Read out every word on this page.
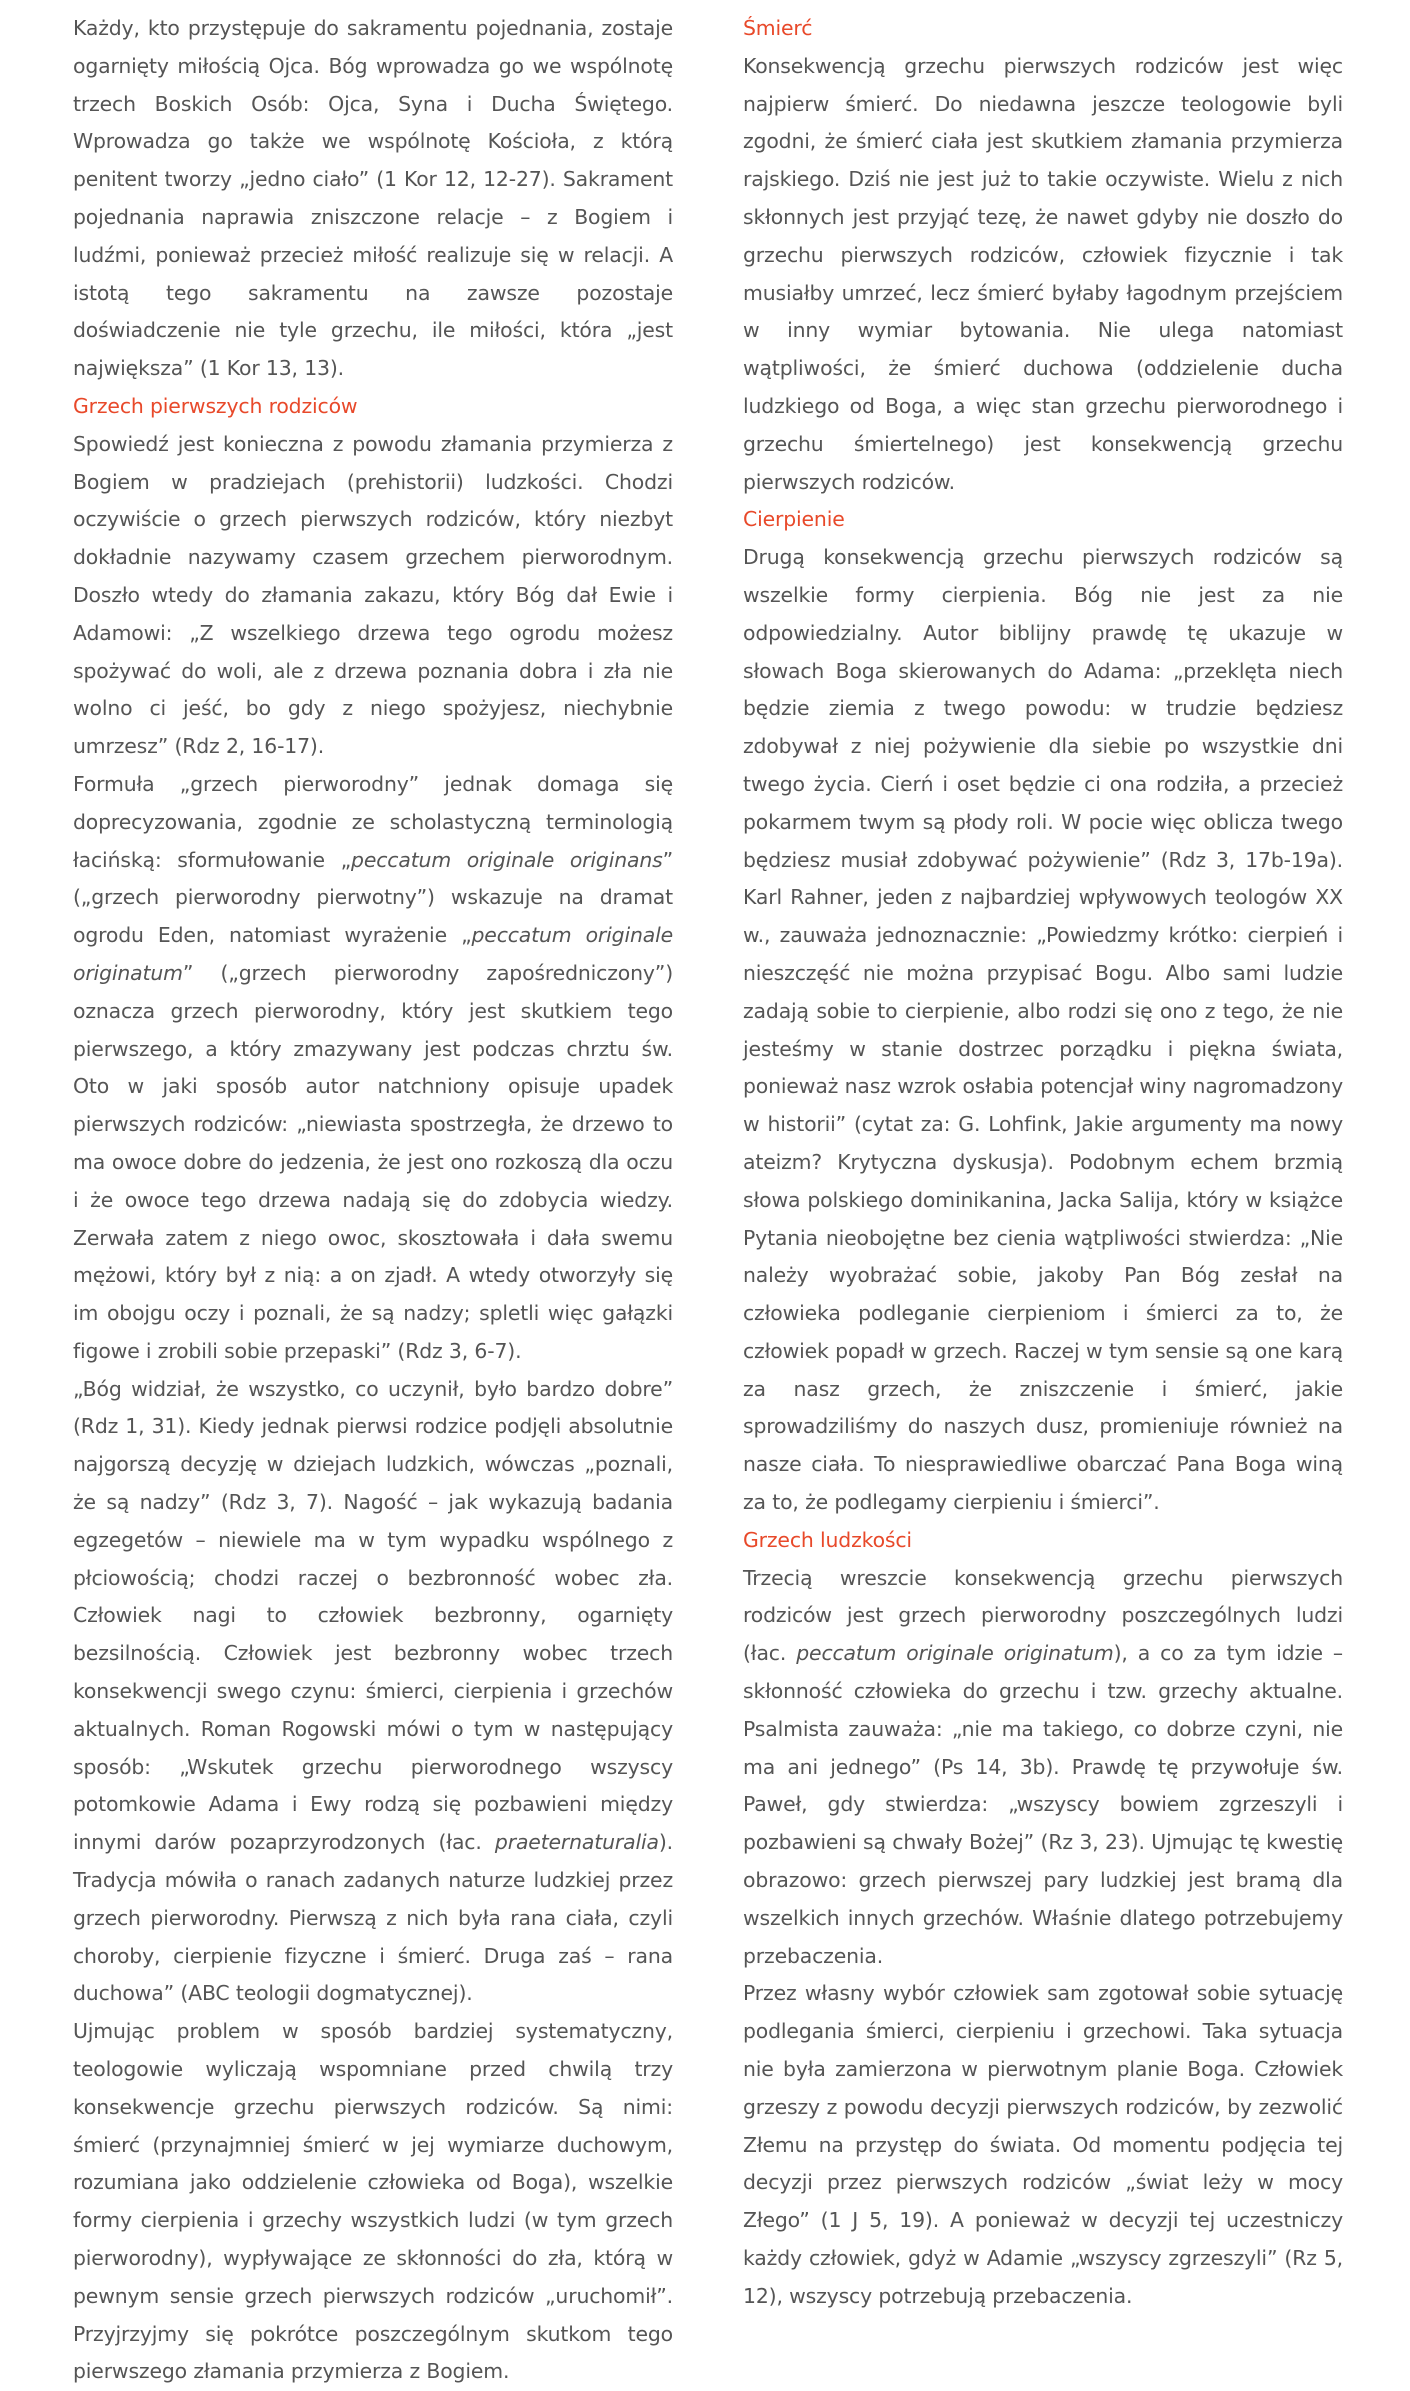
Każdy, kto przystępuje do sakramentu pojednania, zostaje ogarnięty miłością Ojca. Bóg wprowadza go we wspólnotę trzech Boskich Osób: Ojca, Syna i Ducha Świętego. Wprowadza go także we wspólnotę Kościoła, z którą penitent tworzy „jedno ciało” (1 Kor 12, 12-27). Sakrament pojednania naprawia zniszczone relacje – z Bogiem i ludźmi, ponieważ przecież miłość realizuje się w relacji. A istotą tego sakramentu na zawsze pozostaje doświadczenie nie tyle grzechu, ile miłości, która „jest największa” (1 Kor 13, 13).

Grzech pierwszych rodziców

Spowiedź jest konieczna z powodu złamania przymierza z Bogiem w pradziejach (prehistorii) ludzkości. Chodzi oczywiście o grzech pierwszych rodziców, który niezbyt dokładnie nazywamy czasem grzechem pierworodnym. Doszło wtedy do złamania zakazu, który Bóg dał Ewie i Adamowi: „Z wszelkiego drzewa tego ogrodu możesz spożywać do woli, ale z drzewa poznania dobra i zła nie wolno ci jeść, bo gdy z niego spożyjesz, niechybnie umrzesz” (Rdz 2, 16-17).

Formuła „grzech pierworodny” jednak domaga się doprecyzowania, zgodnie ze scholastyczną terminologią łacińską: sformułowanie „peccatum originale originans” („grzech pierworodny pierwotny”) wskazuje na dramat ogrodu Eden, natomiast wyrażenie „peccatum originale originatum” („grzech pierworodny zapośredniczony”) oznacza grzech pierworodny, który jest skutkiem tego pierwszego, a który zmazywany jest podczas chrztu św. Oto w jaki sposób autor natchniony opisuje upadek pierwszych rodziców: „niewiasta spostrzegła, że drzewo to ma owoce dobre do jedzenia, że jest ono rozkoszą dla oczu i że owoce tego drzewa nadają się do zdobycia wiedzy. Zerwała zatem z niego owoc, skosztowała i dała swemu mężowi, który był z nią: a on zjadł. A wtedy otworzyły się im obojgu oczy i poznali, że są nadzy; spletli więc gałązki figowe i zrobili sobie przepaski” (Rdz 3, 6-7).

„Bóg widział, że wszystko, co uczynił, było bardzo dobre” (Rdz 1, 31). Kiedy jednak pierwsi rodzice podjęli absolutnie najgorszą decyzję w dziejach ludzkich, wówczas „poznali, że są nadzy” (Rdz 3, 7). Nagość – jak wykazują badania egzegetów – niewiele ma w tym wypadku wspólnego z płciowością; chodzi raczej o bezbronność wobec zła. Człowiek nagi to człowiek bezbronny, ogarnięty bezsilnością. Człowiek jest bezbronny wobec trzech konsekwencji swego czynu: śmierci, cierpienia i grzechów aktualnych. Roman Rogowski mówi o tym w następujący sposób: „Wskutek grzechu pierworodnego wszyscy potomkowie Adama i Ewy rodzą się pozbawieni między innymi darów pozaprzyrodzonych (łac. praeternaturalia). Tradycja mówiła o ranach zadanych naturze ludzkiej przez grzech pierworodny. Pierwszą z nich była rana ciała, czyli choroby, cierpienie fizyczne i śmierć. Druga zaś – rana duchowa” (ABC teologii dogmatycznej).

Ujmując problem w sposób bardziej systematyczny, teologowie wyliczają wspomniane przed chwilą trzy konsekwencje grzechu pierwszych rodziców. Są nimi: śmierć (przynajmniej śmierć w jej wymiarze duchowym, rozumiana jako oddzielenie człowieka od Boga), wszelkie formy cierpienia i grzechy wszystkich ludzi (w tym grzech pierworodny), wypływające ze skłonności do zła, którą w pewnym sensie grzech pierwszych rodziców „uruchomił”. Przyjrzyjmy się pokrótce poszczególnym skutkom tego pierwszego złamania przymierza z Bogiem.

Śmierć

Konsekwencją grzechu pierwszych rodziców jest więc najpierw śmierć. Do niedawna jeszcze teologowie byli zgodni, że śmierć ciała jest skutkiem złamania przymierza rajskiego. Dziś nie jest już to takie oczywiste. Wielu z nich skłonnych jest przyjąć tezę, że nawet gdyby nie doszło do grzechu pierwszych rodziców, człowiek fizycznie i tak musiałby umrzeć, lecz śmierć byłaby łagodnym przejściem w inny wymiar bytowania. Nie ulega natomiast wątpliwości, że śmierć duchowa (oddzielenie ducha ludzkiego od Boga, a więc stan grzechu pierworodnego i grzechu śmiertelnego) jest konsekwencją grzechu pierwszych rodziców.

Cierpienie

Drugą konsekwencją grzechu pierwszych rodziców są wszelkie formy cierpienia. Bóg nie jest za nie odpowiedzialny. Autor biblijny prawdę tę ukazuje w słowach Boga skierowanych do Adama: „przeklęta niech będzie ziemia z twego powodu: w trudzie będziesz zdobywał z niej pożywienie dla siebie po wszystkie dni twego życia. Cierń i oset będzie ci ona rodziła, a przecież pokarmem twym są płody roli. W pocie więc oblicza twego będziesz musiał zdobywać pożywienie” (Rdz 3, 17b-19a). Karl Rahner, jeden z najbardziej wpływowych teologów XX w., zauważa jednoznacznie: „Powiedzmy krótko: cierpień i nieszczęść nie można przypisać Bogu. Albo sami ludzie zadają sobie to cierpienie, albo rodzi się ono z tego, że nie jesteśmy w stanie dostrzec porządku i piękna świata, ponieważ nasz wzrok osłabia potencjał winy nagromadzony w historii” (cytat za: G. Lohfink, Jakie argumenty ma nowy ateizm? Krytyczna dyskusja). Podobnym echem brzmią słowa polskiego dominikanina, Jacka Salija, który w książce Pytania nieobojętne bez cienia wątpliwości stwierdza: „Nie należy wyobrażać sobie, jakoby Pan Bóg zesłał na człowieka podleganie cierpieniom i śmierci za to, że człowiek popadł w grzech. Raczej w tym sensie są one karą za nasz grzech, że zniszczenie i śmierć, jakie sprowadziliśmy do naszych dusz, promieniuje również na nasze ciała. To niesprawiedliwe obarczać Pana Boga winą za to, że podlegamy cierpieniu i śmierci”.

Grzech ludzkości

Trzecią wreszcie konsekwencją grzechu pierwszych rodziców jest grzech pierworodny poszczególnych ludzi (łac. peccatum originale originatum), a co za tym idzie – skłonność człowieka do grzechu i tzw. grzechy aktualne. Psalmista zauważa: „nie ma takiego, co dobrze czyni, nie ma ani jednego” (Ps 14, 3b). Prawdę tę przywołuje św. Paweł, gdy stwierdza: „wszyscy bowiem zgrzeszyli i pozbawieni są chwały Bożej” (Rz 3, 23). Ujmując tę kwestię obrazowo: grzech pierwszej pary ludzkiej jest bramą dla wszelkich innych grzechów. Właśnie dlatego potrzebujemy przebaczenia.

Przez własny wybór człowiek sam zgotował sobie sytuację podlegania śmierci, cierpieniu i grzechowi. Taka sytuacja nie była zamierzona w pierwotnym planie Boga. Człowiek grzeszy z powodu decyzji pierwszych rodziców, by zezwolić Złemu na przystęp do świata. Od momentu podjęcia tej decyzji przez pierwszych rodziców „świat leży w mocy Złego” (1 J 5, 19). A ponieważ w decyzji tej uczestniczy każdy człowiek, gdyż w Adamie „wszyscy zgrzeszyli” (Rz 5, 12), wszyscy potrzebują przebaczenia.
